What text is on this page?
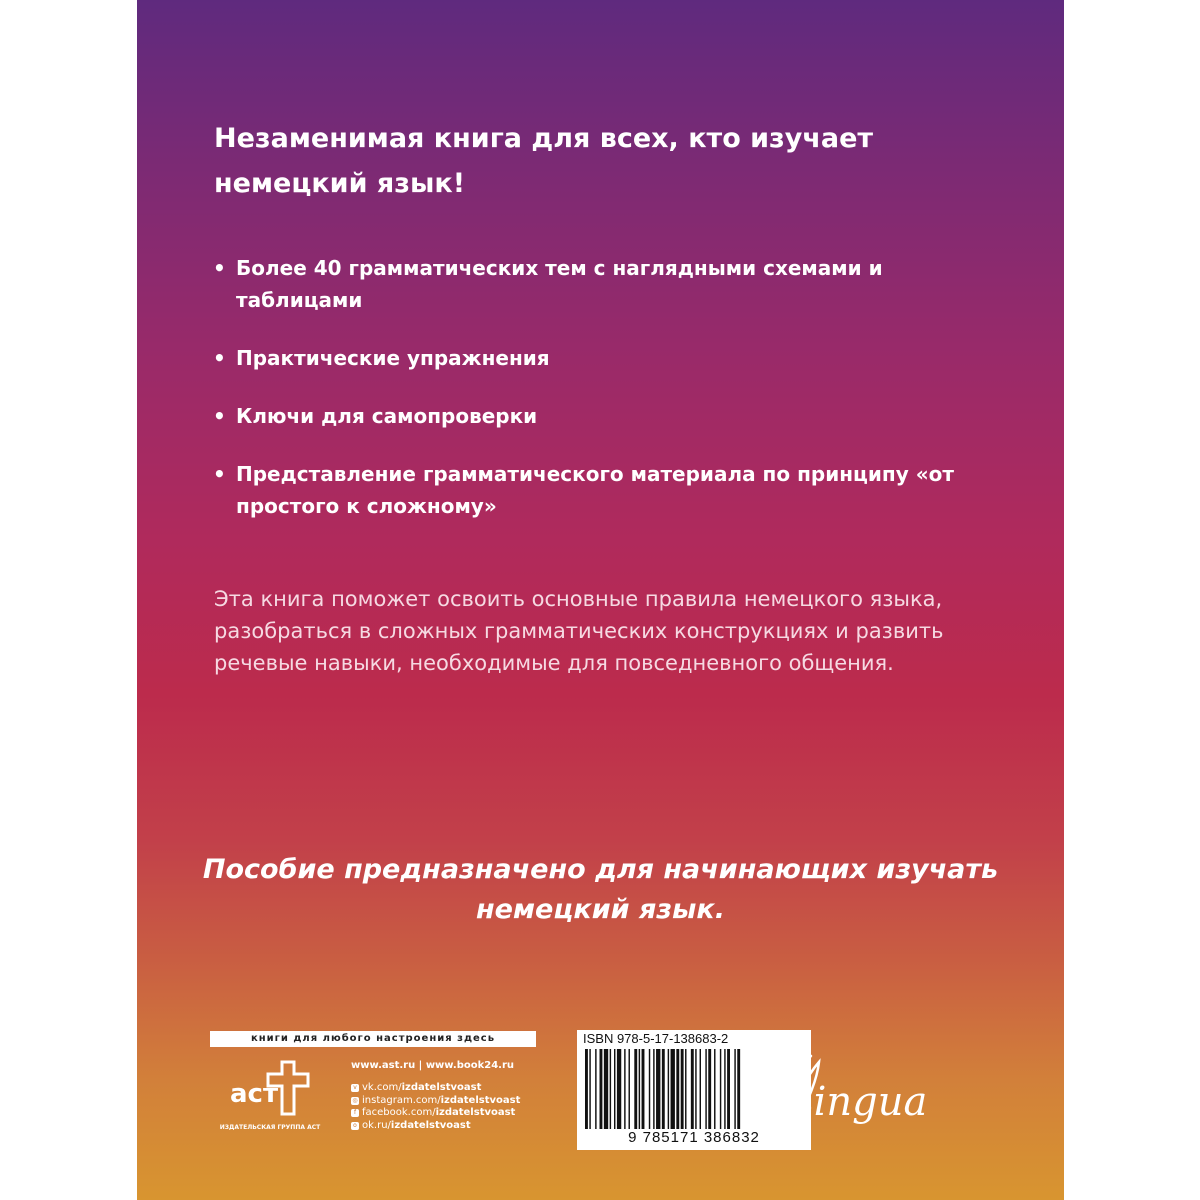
Незаменимая книга для всех, кто изучает немецкий язык!
• Более 40 грамматических тем с наглядными схемами и таблицами
• Практические упражнения
• Ключи для самопроверки
• Представление грамматического материала по принципу «от простого к сложному»
Эта книга поможет освоить основные правила немецкого языка, разобраться в сложных грамматических конструкциях и развить речевые навыки, необходимые для повседневного общения.
Пособие предназначено для начинающих изучать немецкий язык.
книги для любого настроения здесь
аст
ИЗДАТЕЛЬСКАЯ ГРУППА АСТ
www.ast.ru | www.book24.ru
v vk.com/izdatelstvoast
◎ instagram.com/izdatelstvoast
f facebook.com/izdatelstvoast
o ok.ru/izdatelstvoast
ISBN 978-5-17-138683-2
9 785171 386832
Lingua
